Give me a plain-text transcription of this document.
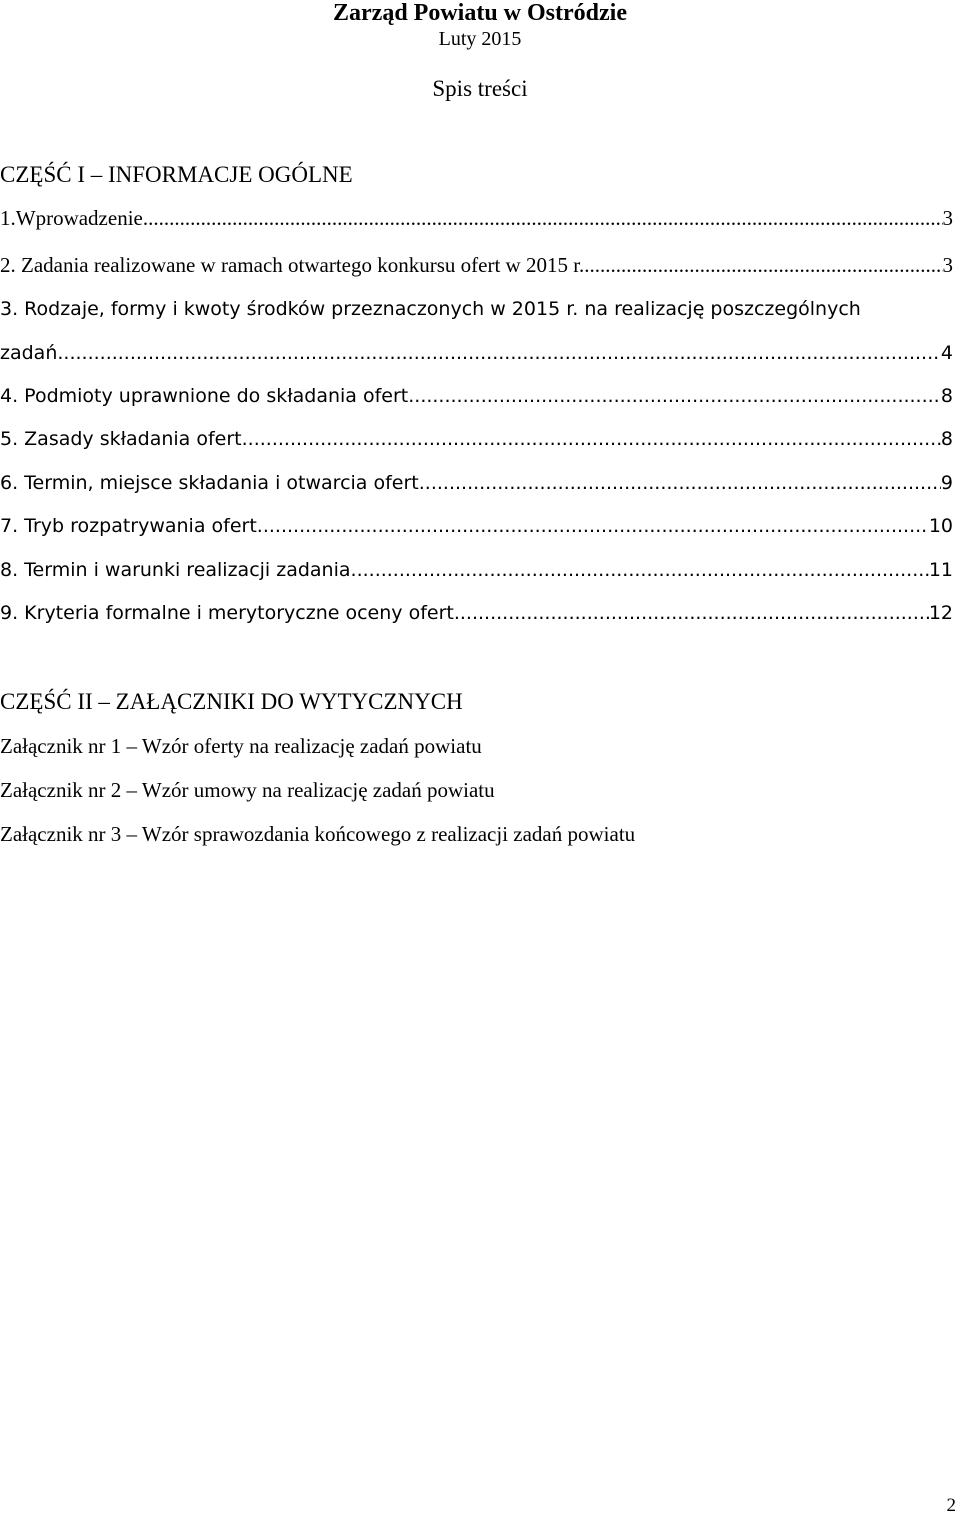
Zarząd Powiatu w Ostródzie
Luty 2015
Spis treści
CZĘŚĆ I – INFORMACJE OGÓLNE
1.Wprowadzenie .....	3
2. Zadania realizowane w ramach otwartego konkursu ofert w 2015 r. .....	3
3. Rodzaje, formy i kwoty środków przeznaczonych w 2015 r. na realizację poszczególnych
zadań .....	4
4. Podmioty uprawnione do składania ofert .....	8
5. Zasady składania ofert .....	8
6. Termin, miejsce składania i otwarcia ofert .....	9
7. Tryb rozpatrywania ofert .....	10
8. Termin i warunki realizacji zadania .....	11
9. Kryteria formalne i merytoryczne oceny ofert .....	12
CZĘŚĆ II – ZAŁĄCZNIKI DO WYTYCZNYCH
Załącznik nr 1 – Wzór oferty na realizację zadań powiatu
Załącznik nr 2 – Wzór umowy na realizację zadań powiatu
Załącznik nr 3 – Wzór sprawozdania końcowego z realizacji zadań powiatu
2
